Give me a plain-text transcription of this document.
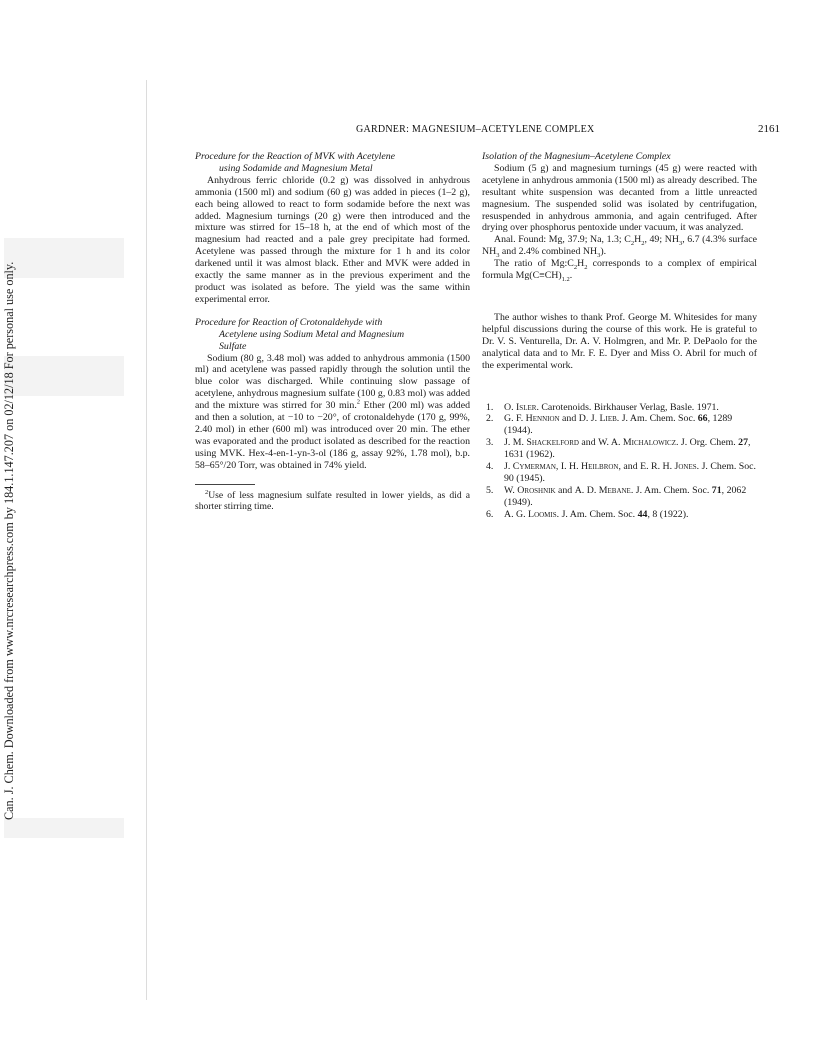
Can. J. Chem. Downloaded from www.nrcresearchpress.com by 184.1.147.207 on 02/12/18 For personal use only.
GARDNER: MAGNESIUM–ACETYLENE COMPLEX	2161

Procedure for the Reaction of MVK with Acetylene

using Sodamide and Magnesium Metal

Anhydrous ferric chloride (0.2 g) was dissolved in anhydrous ammonia (1500 ml) and sodium (60 g) was added in pieces (1–2 g), each being allowed to react to form sodamide before the next was added. Magnesium turnings (20 g) were then introduced and the mixture was stirred for 15–18 h, at the end of which most of the magnesium had reacted and a pale grey precipitate had formed. Acetylene was passed through the mixture for 1 h and its color darkened until it was almost black. Ether and MVK were added in exactly the same manner as in the previous experiment and the product was isolated as before. The yield was the same within experimental error.

Procedure for Reaction of Crotonaldehyde with

Acetylene using Sodium Metal and Magnesium

Sulfate

Sodium (80 g, 3.48 mol) was added to anhydrous ammonia (1500 ml) and acetylene was passed rapidly through the solution until the blue color was discharged. While continuing slow passage of acetylene, anhydrous magnesium sulfate (100 g, 0.83 mol) was added and the mixture was stirred for 30 min.$^2$ Ether (200 ml) was added and then a solution, at −10 to −20°, of crotonaldehyde (170 g, 99%, 2.40 mol) in ether (600 ml) was introduced over 20 min. The ether was evaporated and the product isolated as described for the reaction using MVK. Hex-4-en-1-yn-3-ol (186 g, assay 92%, 1.78 mol), b.p. 58–65°/20 Torr, was obtained in 74% yield.

$^2$Use of less magnesium sulfate resulted in lower yields, as did a shorter stirring time.

Isolation of the Magnesium–Acetylene Complex

Sodium (5 g) and magnesium turnings (45 g) were reacted with acetylene in anhydrous ammonia (1500 ml) as already described. The resultant white suspension was decanted from a little unreacted magnesium. The suspended solid was isolated by centrifugation, resuspended in anhydrous ammonia, and again centrifuged. After drying over phosphorus pentoxide under vacuum, it was analyzed.

Anal. Found: Mg, 37.9; Na, 1.3; $C_2H_2$, 49; $NH_3$, 6.7 (4.3% surface $NH_3$ and 2.4% combined $NH_3$).

The ratio of $Mg:C_2H_2$ corresponds to a complex of empirical formula $Mg(C\equiv CH)_{1.2}$.

The author wishes to thank Prof. George M. Whitesides for many helpful discussions during the course of this work. He is grateful to Dr. V. S. Venturella, Dr. A. V. Holmgren, and Mr. P. DePaolo for the analytical data and to Mr. F. E. Dyer and Miss O. Abril for much of the experimental work.

1. O. Isler. Carotenoids. Birkhauser Verlag, Basle. 1971.
2. G. F. Hennion and D. J. Lieb. J. Am. Chem. Soc. 66, 1289 (1944).
3. J. M. Shackelford and W. A. Michalowicz. J. Org. Chem. 27, 1631 (1962).
4. J. Cymerman, I. H. Heilbron, and E. R. H. Jones. J. Chem. Soc. 90 (1945).
5. W. Oroshnik and A. D. Mebane. J. Am. Chem. Soc. 71, 2062 (1949).
6. A. G. Loomis. J. Am. Chem. Soc. 44, 8 (1922).
